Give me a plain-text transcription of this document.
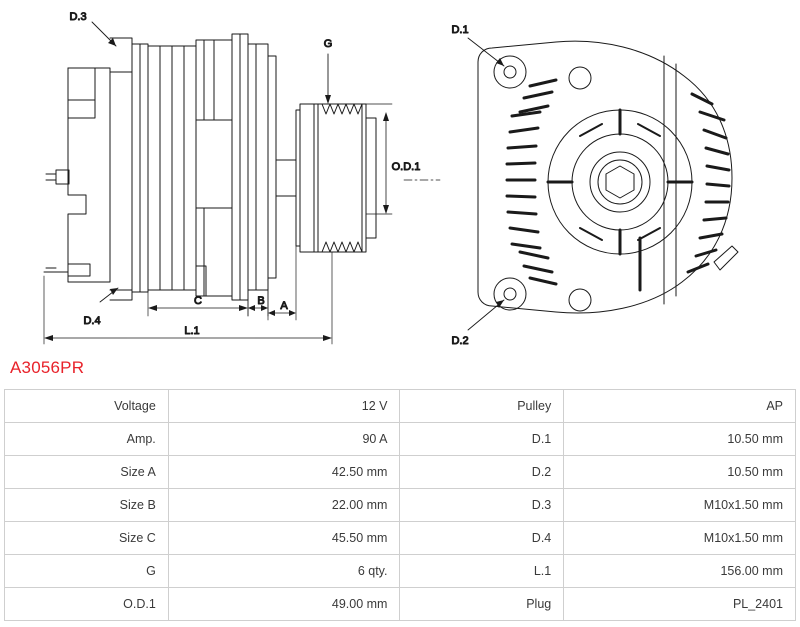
D.3
D.4
G
O.D.1
C	B A
L.1
D.1
D.2
A3056PR
Voltage	12 V	Pulley	AP
Amp.	90 A	D.1	10.50 mm
Size A	42.50 mm	D.2	10.50 mm
Size B	22.00 mm	D.3	M10x1.50 mm
Size C	45.50 mm	D.4	M10x1.50 mm
G	6 qty.	L.1	156.00 mm
O.D.1	49.00 mm	Plug	PL_2401
